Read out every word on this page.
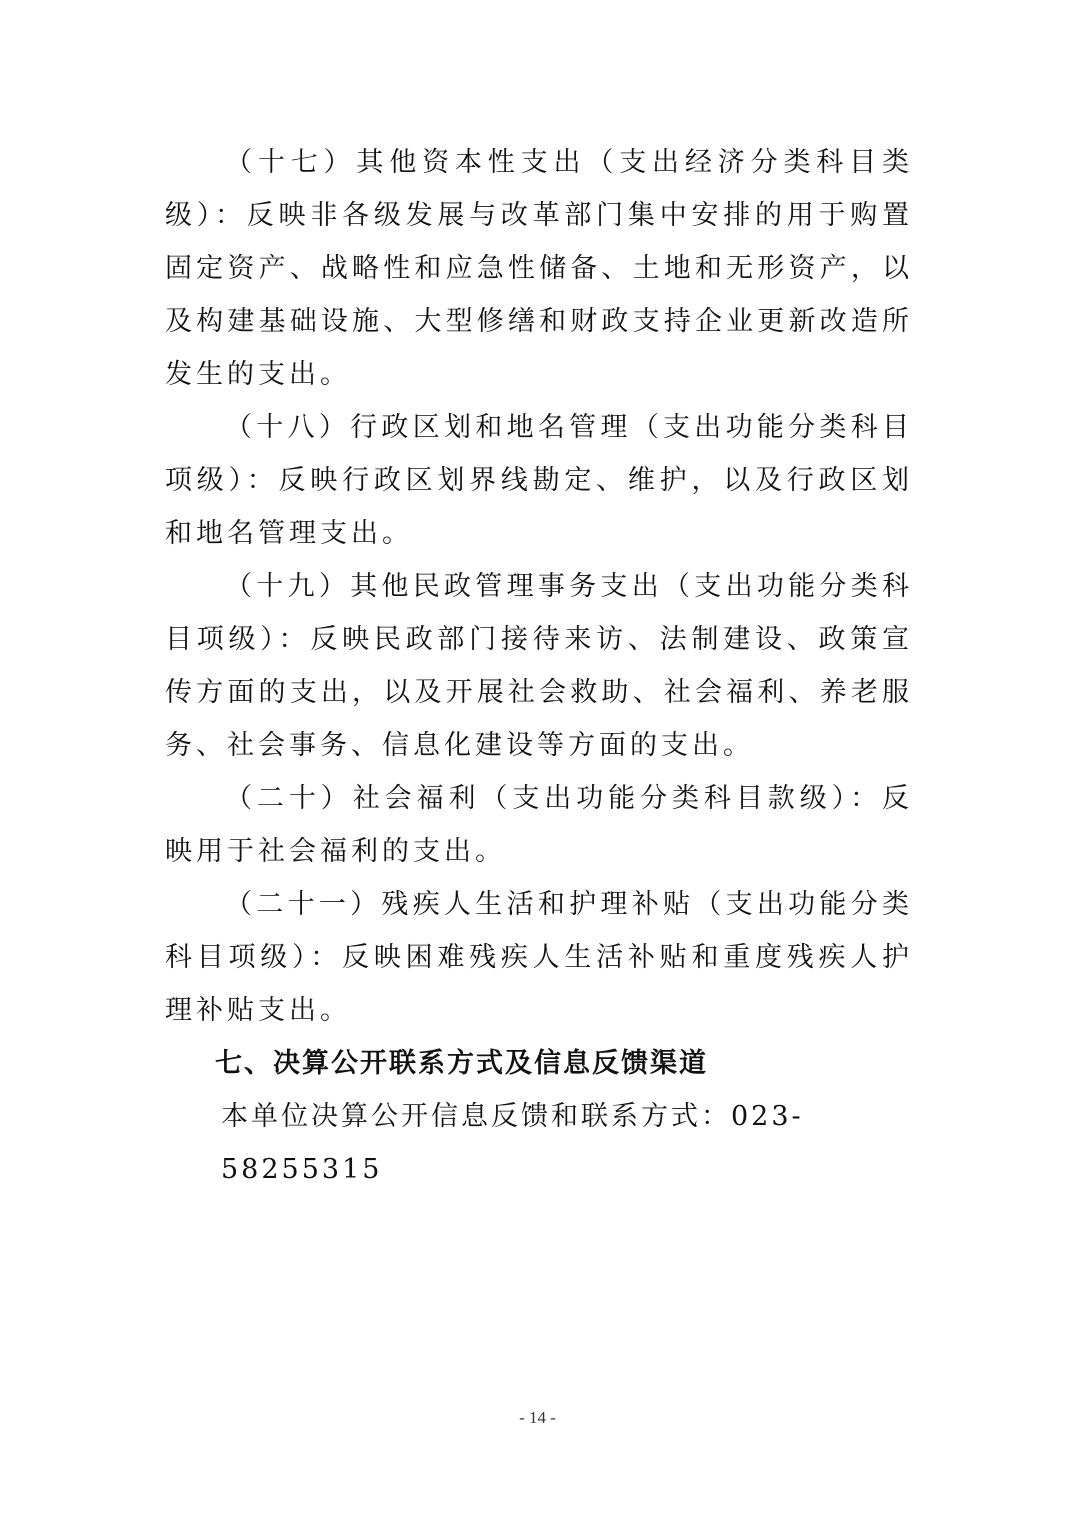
（十七）其他资本性支出（支出经济分类科目类级）：反映非各级发展与改革部门集中安排的用于购置固定资产、战略性和应急性储备、土地和无形资产，以及构建基础设施、大型修缮和财政支持企业更新改造所发生的支出。

（十八）行政区划和地名管理（支出功能分类科目项级）：反映行政区划界线勘定、维护，以及行政区划和地名管理支出。

（十九）其他民政管理事务支出（支出功能分类科目项级）：反映民政部门接待来访、法制建设、政策宣传方面的支出，以及开展社会救助、社会福利、养老服务、社会事务、信息化建设等方面的支出。

（二十）社会福利（支出功能分类科目款级）：反映用于社会福利的支出。

（二十一）残疾人生活和护理补贴（支出功能分类科目项级）：反映困难残疾人生活补贴和重度残疾人护理补贴支出。

七、决算公开联系方式及信息反馈渠道

本单位决算公开信息反馈和联系方式：023-58255315

- 14 -
